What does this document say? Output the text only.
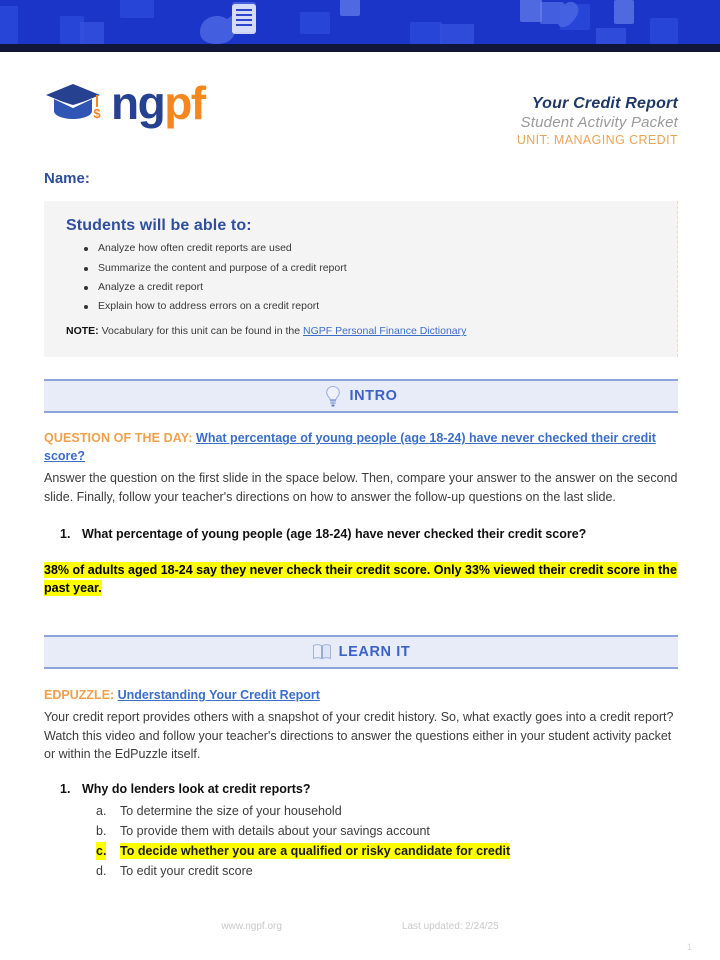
$ ngpf	Your Credit Report
Student Activity Packet
UNIT: MANAGING CREDIT
Name:
Students will be able to:
Analyze how often credit reports are used
Summarize the content and purpose of a credit report
Analyze a credit report
Explain how to address errors on a credit report
NOTE: Vocabulary for this unit can be found in the NGPF Personal Finance Dictionary
INTRO
QUESTION OF THE DAY: What percentage of young people (age 18-24) have never checked their credit score?
Answer the question on the first slide in the space below. Then, compare your answer to the answer on the second slide. Finally, follow your teacher's directions on how to answer the follow-up questions on the last slide.
1. What percentage of young people (age 18-24) have never checked their credit score?
38% of adults aged 18-24 say they never check their credit score. Only 33% viewed their credit score in the past year.
LEARN IT
EDPUZZLE: Understanding Your Credit Report
Your credit report provides others with a snapshot of your credit history. So, what exactly goes into a credit report? Watch this video and follow your teacher's directions to answer the questions either in your student activity packet or within the EdPuzzle itself.
1. Why do lenders look at credit reports?
a. To determine the size of your household
b. To provide them with details about your savings account
c. To decide whether you are a qualified or risky candidate for credit
d. To edit your credit score
www.ngpf.org	Last updated: 2/24/25
1
